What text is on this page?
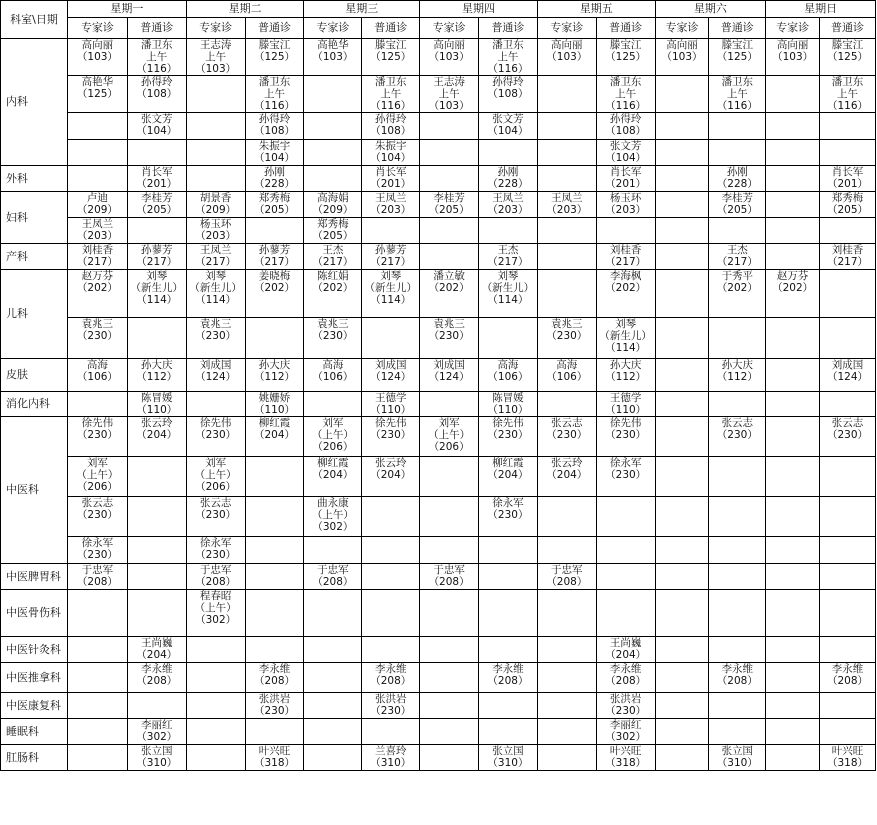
科室\日期	星期一		星期二		星期三		星期四		星期五		星期六		星期日	
	专家诊	普通诊	专家诊	普通诊	专家诊	普通诊	专家诊	普通诊	专家诊	普通诊	专家诊	普通诊	专家诊	普通诊
内科	高向丽
（103）	潘卫东
上午
（116）	王志涛
上午
（103）	滕宝江
（125）	高艳华
（103）	滕宝江
（125）	高向丽
（103）	潘卫东
上午
（116）	高向丽
（103）	滕宝江
（125）	高向丽
（103）	滕宝江
（125）	高向丽
（103）	滕宝江
（125）

	高艳华
（125）	孙得玲
（108）		潘卫东
上午
（116）		潘卫东
上午
（116）	王志涛
上午
（103）	孙得玲
（108）		潘卫东
上午
（116）		潘卫东
上午
（116）		潘卫东
上午
（116）

		张文芳
（104）		孙得玲
（108）		孙得玲
（108）		张文芳
（104）		孙得玲
（108）				

				朱振宇
（104）		朱振宇
（104）				张文芳
（104）				

外科		肖长军
（201）		孙刚
（228）		肖长军
（201）		孙刚
（228）		肖长军
（201）		孙刚
（228）		肖长军
（201）

妇科	卢迪
（209）	李桂芳
（205）	胡景香
（209）	郑秀梅
（205）	高海娟
（209）	王凤兰
（203）	李桂芳
（205）	王凤兰
（203）	王凤兰
（203）	杨玉环
（203）		李桂芳
（205）		郑秀梅
（205）

	王凤兰
（203）		杨玉环
（203）		郑秀梅
（205）									

产科	刘桂香
（217）	孙蓼芳
（217）	王凤兰
（217）	孙蓼芳
（217）	王杰
（217）	孙蓼芳
（217）		王杰
（217）		刘桂香
（217）		王杰
（217）		刘桂香
（217）

儿科	赵万芬
（202）	刘琴
（新生儿）
（114）	刘琴
（新生儿）
（114）	姜晓梅
（202）	陈红娟
（202）	刘琴
（新生儿）
（114）	潘立敏
（202）	刘琴
（新生儿）
（114）		李海枫
（202）		于秀平
（202）	赵万芬
（202）	

	袁兆三
（230）		袁兆三
（230）		袁兆三
（230）		袁兆三
（230）		袁兆三
（230）	刘琴
（新生儿）
（114）				

皮肤	高海
（106）	孙大庆
（112）	刘成国
（124）	孙大庆
（112）	高海
（106）	刘成国
（124）	刘成国
（124）	高海
（106）	高海
（106）	孙大庆
（112）		孙大庆
（112）		刘成国
（124）

消化内科		陈冒媛
（110）		姚姗娇
（110）		王德学
（110）		陈冒媛
（110）		王德学
（110）				

中医科	徐先伟
（230）	张云玲
（204）	徐先伟
（230）	柳红霞
（204）	刘军
（上午）
（206）	徐先伟
（230）	刘军
（上午）
（206）	徐先伟
（230）	张云志
（230）	徐先伟
（230）		张云志
（230）		张云志
（230）

	刘军
（上午）
（206）		刘军
（上午）
（206）		柳红霞
（204）	张云玲
（204）		柳红霞
（204）	张云玲
（204）	徐永军
（230）				

	张云志
（230）		张云志
（230）		曲永康
（上午）
（302）			徐永军
（230）						

	徐永军
（230）		徐永军
（230）											

中医脾胃科	于忠军
（208）		于忠军
（208）		于忠军
（208）		于忠军
（208）		于忠军
（208）					

中医骨伤科			程春昭
（上午）
（302）											

中医针灸科		王尚巍
（204）								王尚巍
（204）				

中医推拿科		李永维
（208）		李永维
（208）		李永维
（208）		李永维
（208）		李永维
（208）		李永维
（208）		李永维
（208）

中医康复科				张洪岩
（230）		张洪岩
（230）				张洪岩
（230）				

睡眠科		李丽红
（302）								李丽红
（302）				

肛肠科		张立国
（310）		叶兴旺
（318）		兰喜玲
（310）		张立国
（310）		叶兴旺
（318）		张立国
（310）		叶兴旺
（318）
